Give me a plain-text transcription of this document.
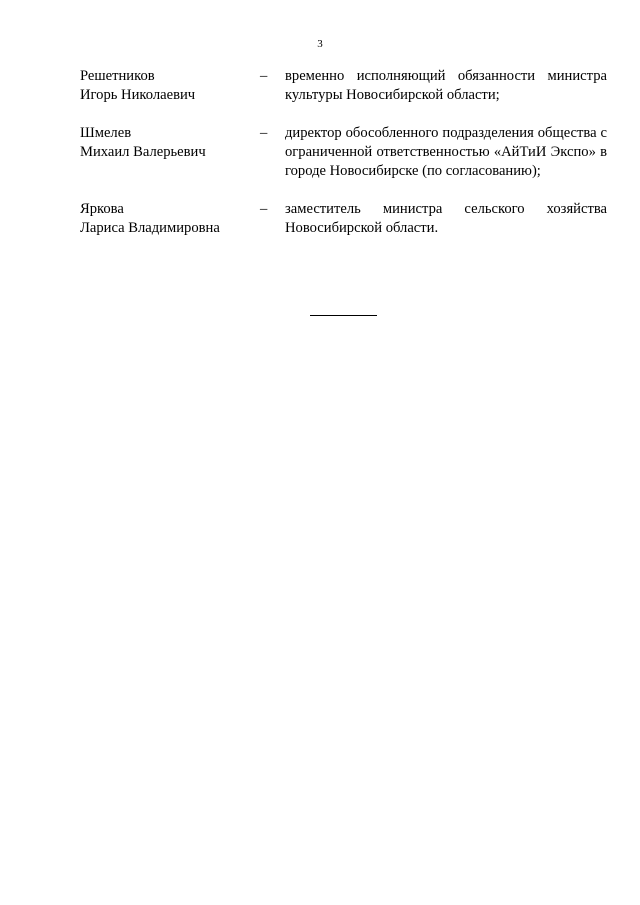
3
Решетников
Игорь Николаевич
–	временно исполняющий обязанности министра культуры Новосибирской области;
Шмелев
Михаил Валерьевич
–	директор обособленного подразделения общества с ограниченной ответственностью «АйТиИ Экспо» в городе Новосибирске (по согласованию);
Яркова
Лариса Владимировна
–	заместитель министра сельского хозяйства Новосибирской области.
